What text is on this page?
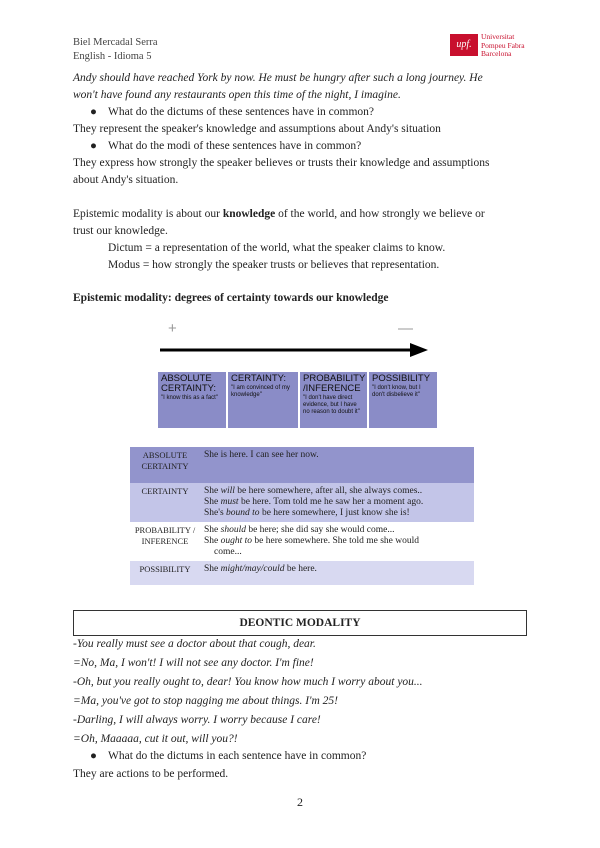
Biel Mercadal Serra
English - Idioma 5
upf.
Universitat
Pompeu Fabra
Barcelona
Andy should have reached York by now. He must be hungry after such a long journey. He
won't have found any restaurants open this time of the night, I imagine.
● What do the dictums of these sentences have in common?
They represent the speaker's knowledge and assumptions about Andy's situation
● What do the modi of these sentences have in common?
They express how strongly the speaker believes or trusts their knowledge and assumptions
about Andy's situation.
Epistemic modality is about our knowledge of the world, and how strongly we believe or
trust our knowledge.
Dictum = a representation of the world, what the speaker claims to know.
Modus = how strongly the speaker trusts or believes that representation.
Epistemic modality: degrees of certainty towards our knowledge
+	—
ABSOLUTE CERTAINTY:
"I know this as a fact"
CERTAINTY:
"I am convinced of my knowledge"
PROBABILITY /INFERENCE
"I don't have direct evidence, but I have no reason to doubt it"
POSSIBILITY
"I don't know, but I don't disbelieve it"
ABSOLUTE CERTAINTY	She is here. I can see her now.
CERTAINTY	She will be here somewhere, after all, she always comes..
She must be here. Tom told me he saw her a moment ago.
She's bound to be here somewhere, I just know she is!

PROBABILITY / INFERENCE	She should be here; she did say she would come...
She ought to be here somewhere. She told me she would
come...

POSSIBILITY	She might/may/could be here.
DEONTIC MODALITY
-You really must see a doctor about that cough, dear.
=No, Ma, I won't! I will not see any doctor. I'm fine!
-Oh, but you really ought to, dear! You know how much I worry about you...
=Ma, you've got to stop nagging me about things. I'm 25!
-Darling, I will always worry. I worry because I care!
=Oh, Maaaaa, cut it out, will you?!
● What do the dictums in each sentence have in common?
They are actions to be performed.
2
